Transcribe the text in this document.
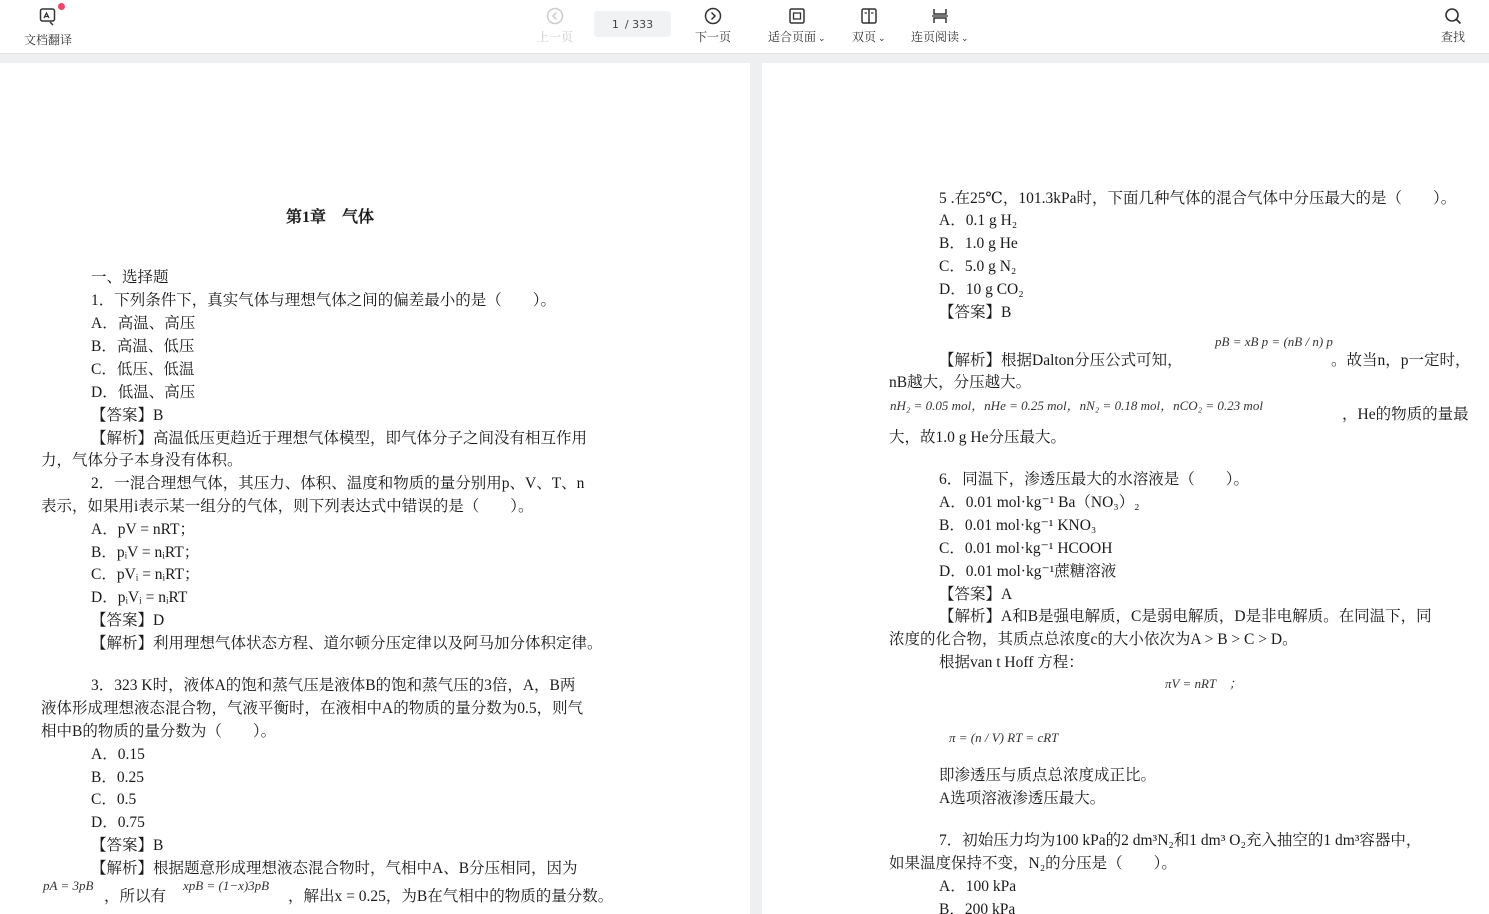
文档翻译	上一页
1 / 333
下一页	适合页面 ⌄ 双页 ⌄ 连页阅读 ⌄	查找
第1章　气体
一、选择题
1．下列条件下，真实气体与理想气体之间的偏差最小的是（　　）。
A．高温、高压
B．高温、低压
C．低压、低温
D．低温、高压
【答案】B
【解析】高温低压更趋近于理想气体模型，即气体分子之间没有相互作用
力，气体分子本身没有体积。
2．一混合理想气体，其压力、体积、温度和物质的量分别用p、V、T、n
表示，如果用i表示某一组分的气体，则下列表达式中错误的是（　　）。
A．pV = nRT；
B．pᵢV = nᵢRT；
C．pVᵢ = nᵢRT；
D．pᵢVᵢ = nᵢRT
【答案】D
【解析】利用理想气体状态方程、道尔顿分压定律以及阿马加分体积定律。
3．323 K时，液体A的饱和蒸气压是液体B的饱和蒸气压的3倍，A，B两
液体形成理想液态混合物，气液平衡时，在液相中A的物质的量分数为0.5，则气
相中B的物质的量分数为（　　）。
A．0.15
B．0.25
C．0.5
D．0.75
【答案】B
【解析】根据题意形成理想液态混合物时，气相中A、B分压相同，因为
pA = 3pB
，所以有
xpB = (1−x)3pB
，解出x = 0.25，为B在气相中的物质的量分数。
5 .在25℃，101.3kPa时，下面几种气体的混合气体中分压最大的是（　　）。
A．0.1 g H₂
B．1.0 g He
C．5.0 g N₂
D．10 g CO₂
【答案】B
【解析】根据Dalton分压公式可知，
pB = xB p = (nB / n) p
。故当n，p一定时，
nB越大，分压越大。
nH₂ = 0.05 mol，nHe = 0.25 mol，nN₂ = 0.18 mol，nCO₂ = 0.23 mol
，He的物质的量最
大，故1.0 g He分压最大。
6．同温下，渗透压最大的水溶液是（　　）。
A．0.01 mol·kg⁻¹ Ba（NO₃）₂
B．0.01 mol·kg⁻¹ KNO₃
C．0.01 mol·kg⁻¹ HCOOH
D．0.01 mol·kg⁻¹蔗糖溶液
【答案】A
【解析】A和B是强电解质，C是弱电解质，D是非电解质。在同温下，同
浓度的化合物，其质点总浓度c的大小依次为A > B > C > D。
根据van t Hoff 方程：
πV = nRT　；
π = (n / V) RT = cRT
即渗透压与质点总浓度成正比。
A选项溶液渗透压最大。
7．初始压力均为100 kPa的2 dm³N₂和1 dm³ O₂充入抽空的1 dm³容器中，
如果温度保持不变，N₂的分压是（　　）。
A．100 kPa
B．200 kPa
